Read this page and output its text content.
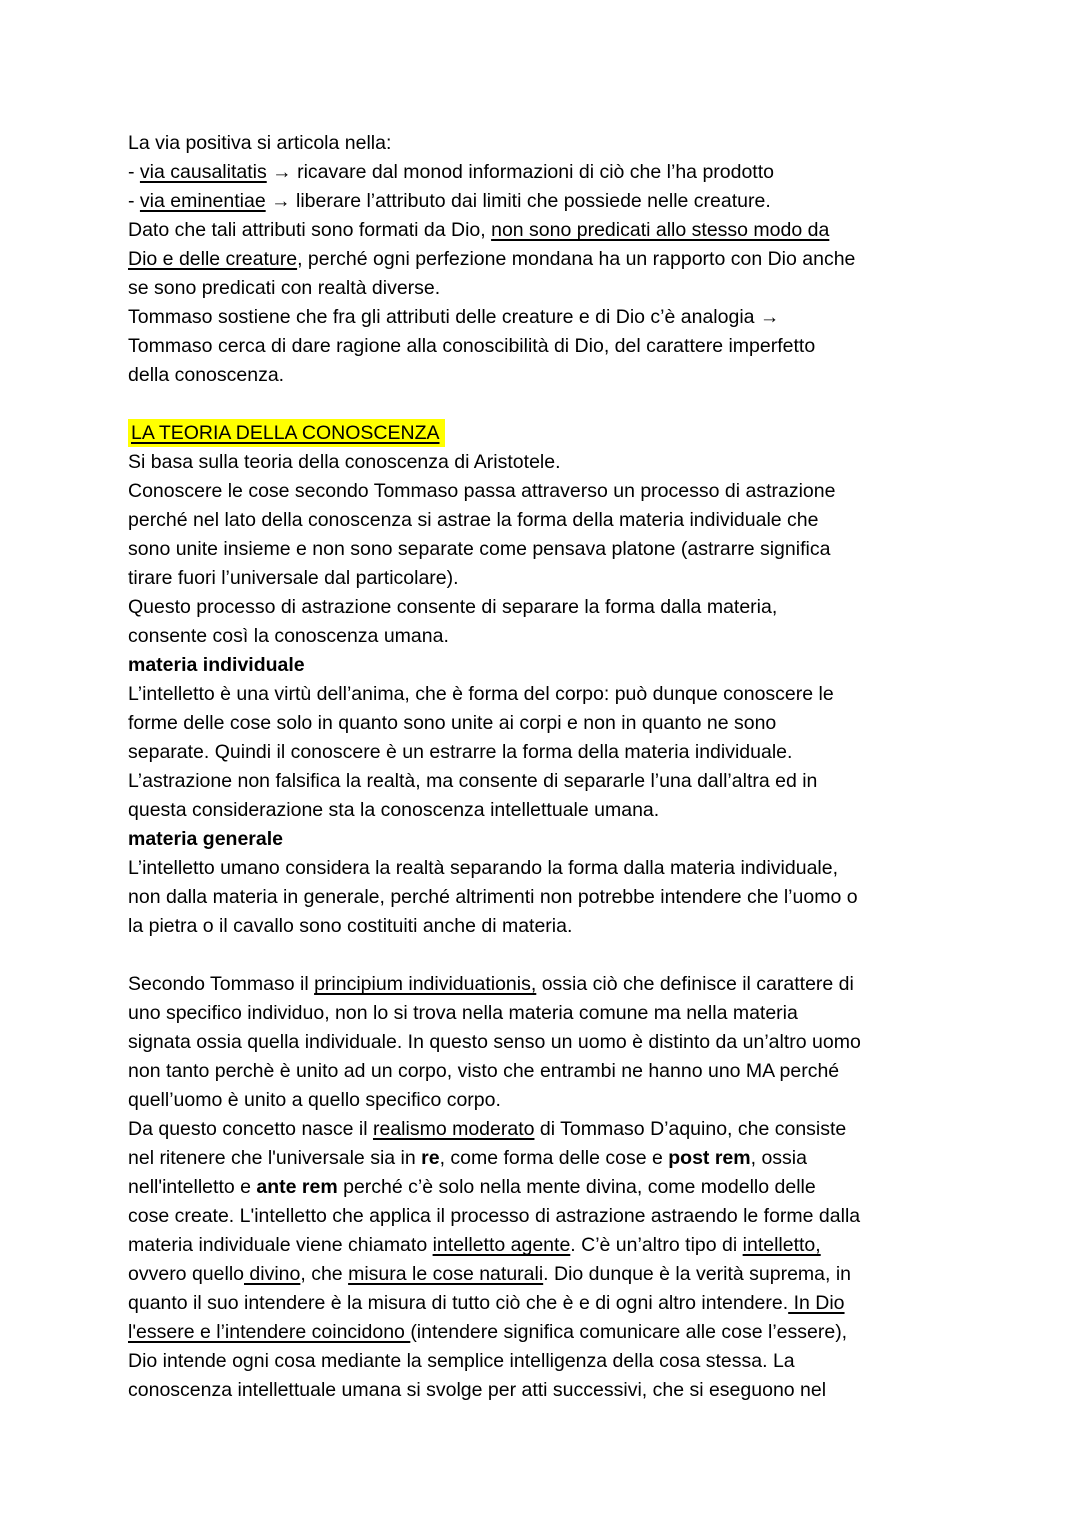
La via positiva si articola nella:
- via causalitatis → ricavare dal monod informazioni di ciò che l’ha prodotto
- via eminentiae → liberare l’attributo dai limiti che possiede nelle creature.
Dato che tali attributi sono formati da Dio, non sono predicati allo stesso modo da
Dio e delle creature, perché ogni perfezione mondana ha un rapporto con Dio anche
se sono predicati con realtà diverse.
Tommaso sostiene che fra gli attributi delle creature e di Dio c’è analogia →
Tommaso cerca di dare ragione alla conoscibilità di Dio, del carattere imperfetto
della conoscenza.
LA TEORIA DELLA CONOSCENZA
Si basa sulla teoria della conoscenza di Aristotele.
Conoscere le cose secondo Tommaso passa attraverso un processo di astrazione
perché nel lato della conoscenza si astrae la forma della materia individuale che
sono unite insieme e non sono separate come pensava platone (astrarre significa
tirare fuori l’universale dal particolare).
Questo processo di astrazione consente di separare la forma dalla materia,
consente così la conoscenza umana.
materia individuale
L’intelletto è una virtù dell’anima, che è forma del corpo: può dunque conoscere le
forme delle cose solo in quanto sono unite ai corpi e non in quanto ne sono
separate. Quindi il conoscere è un estrarre la forma della materia individuale.
L’astrazione non falsifica la realtà, ma consente di separarle l’una dall’altra ed in
questa considerazione sta la conoscenza intellettuale umana.
materia generale
L’intelletto umano considera la realtà separando la forma dalla materia individuale,
non dalla materia in generale, perché altrimenti non potrebbe intendere che l’uomo o
la pietra o il cavallo sono costituiti anche di materia.
Secondo Tommaso il principium individuationis, ossia ciò che definisce il carattere di
uno specifico individuo, non lo si trova nella materia comune ma nella materia
signata ossia quella individuale. In questo senso un uomo è distinto da un’altro uomo
non tanto perchè è unito ad un corpo, visto che entrambi ne hanno uno MA perché
quell’uomo è unito a quello specifico corpo.
Da questo concetto nasce il realismo moderato di Tommaso D’aquino, che consiste
nel ritenere che l'universale sia in re, come forma delle cose e post rem, ossia
nell'intelletto e ante rem perché c’è solo nella mente divina, come modello delle
cose create. L'intelletto che applica il processo di astrazione astraendo le forme dalla
materia individuale viene chiamato intelletto agente. C’è un’altro tipo di intelletto,
ovvero quello divino, che misura le cose naturali. Dio dunque è la verità suprema, in
quanto il suo intendere è la misura di tutto ciò che è e di ogni altro intendere. In Dio
l'essere e l’intendere coincidono (intendere significa comunicare alle cose l’essere),
Dio intende ogni cosa mediante la semplice intelligenza della cosa stessa. La
conoscenza intellettuale umana si svolge per atti successivi, che si eseguono nel
